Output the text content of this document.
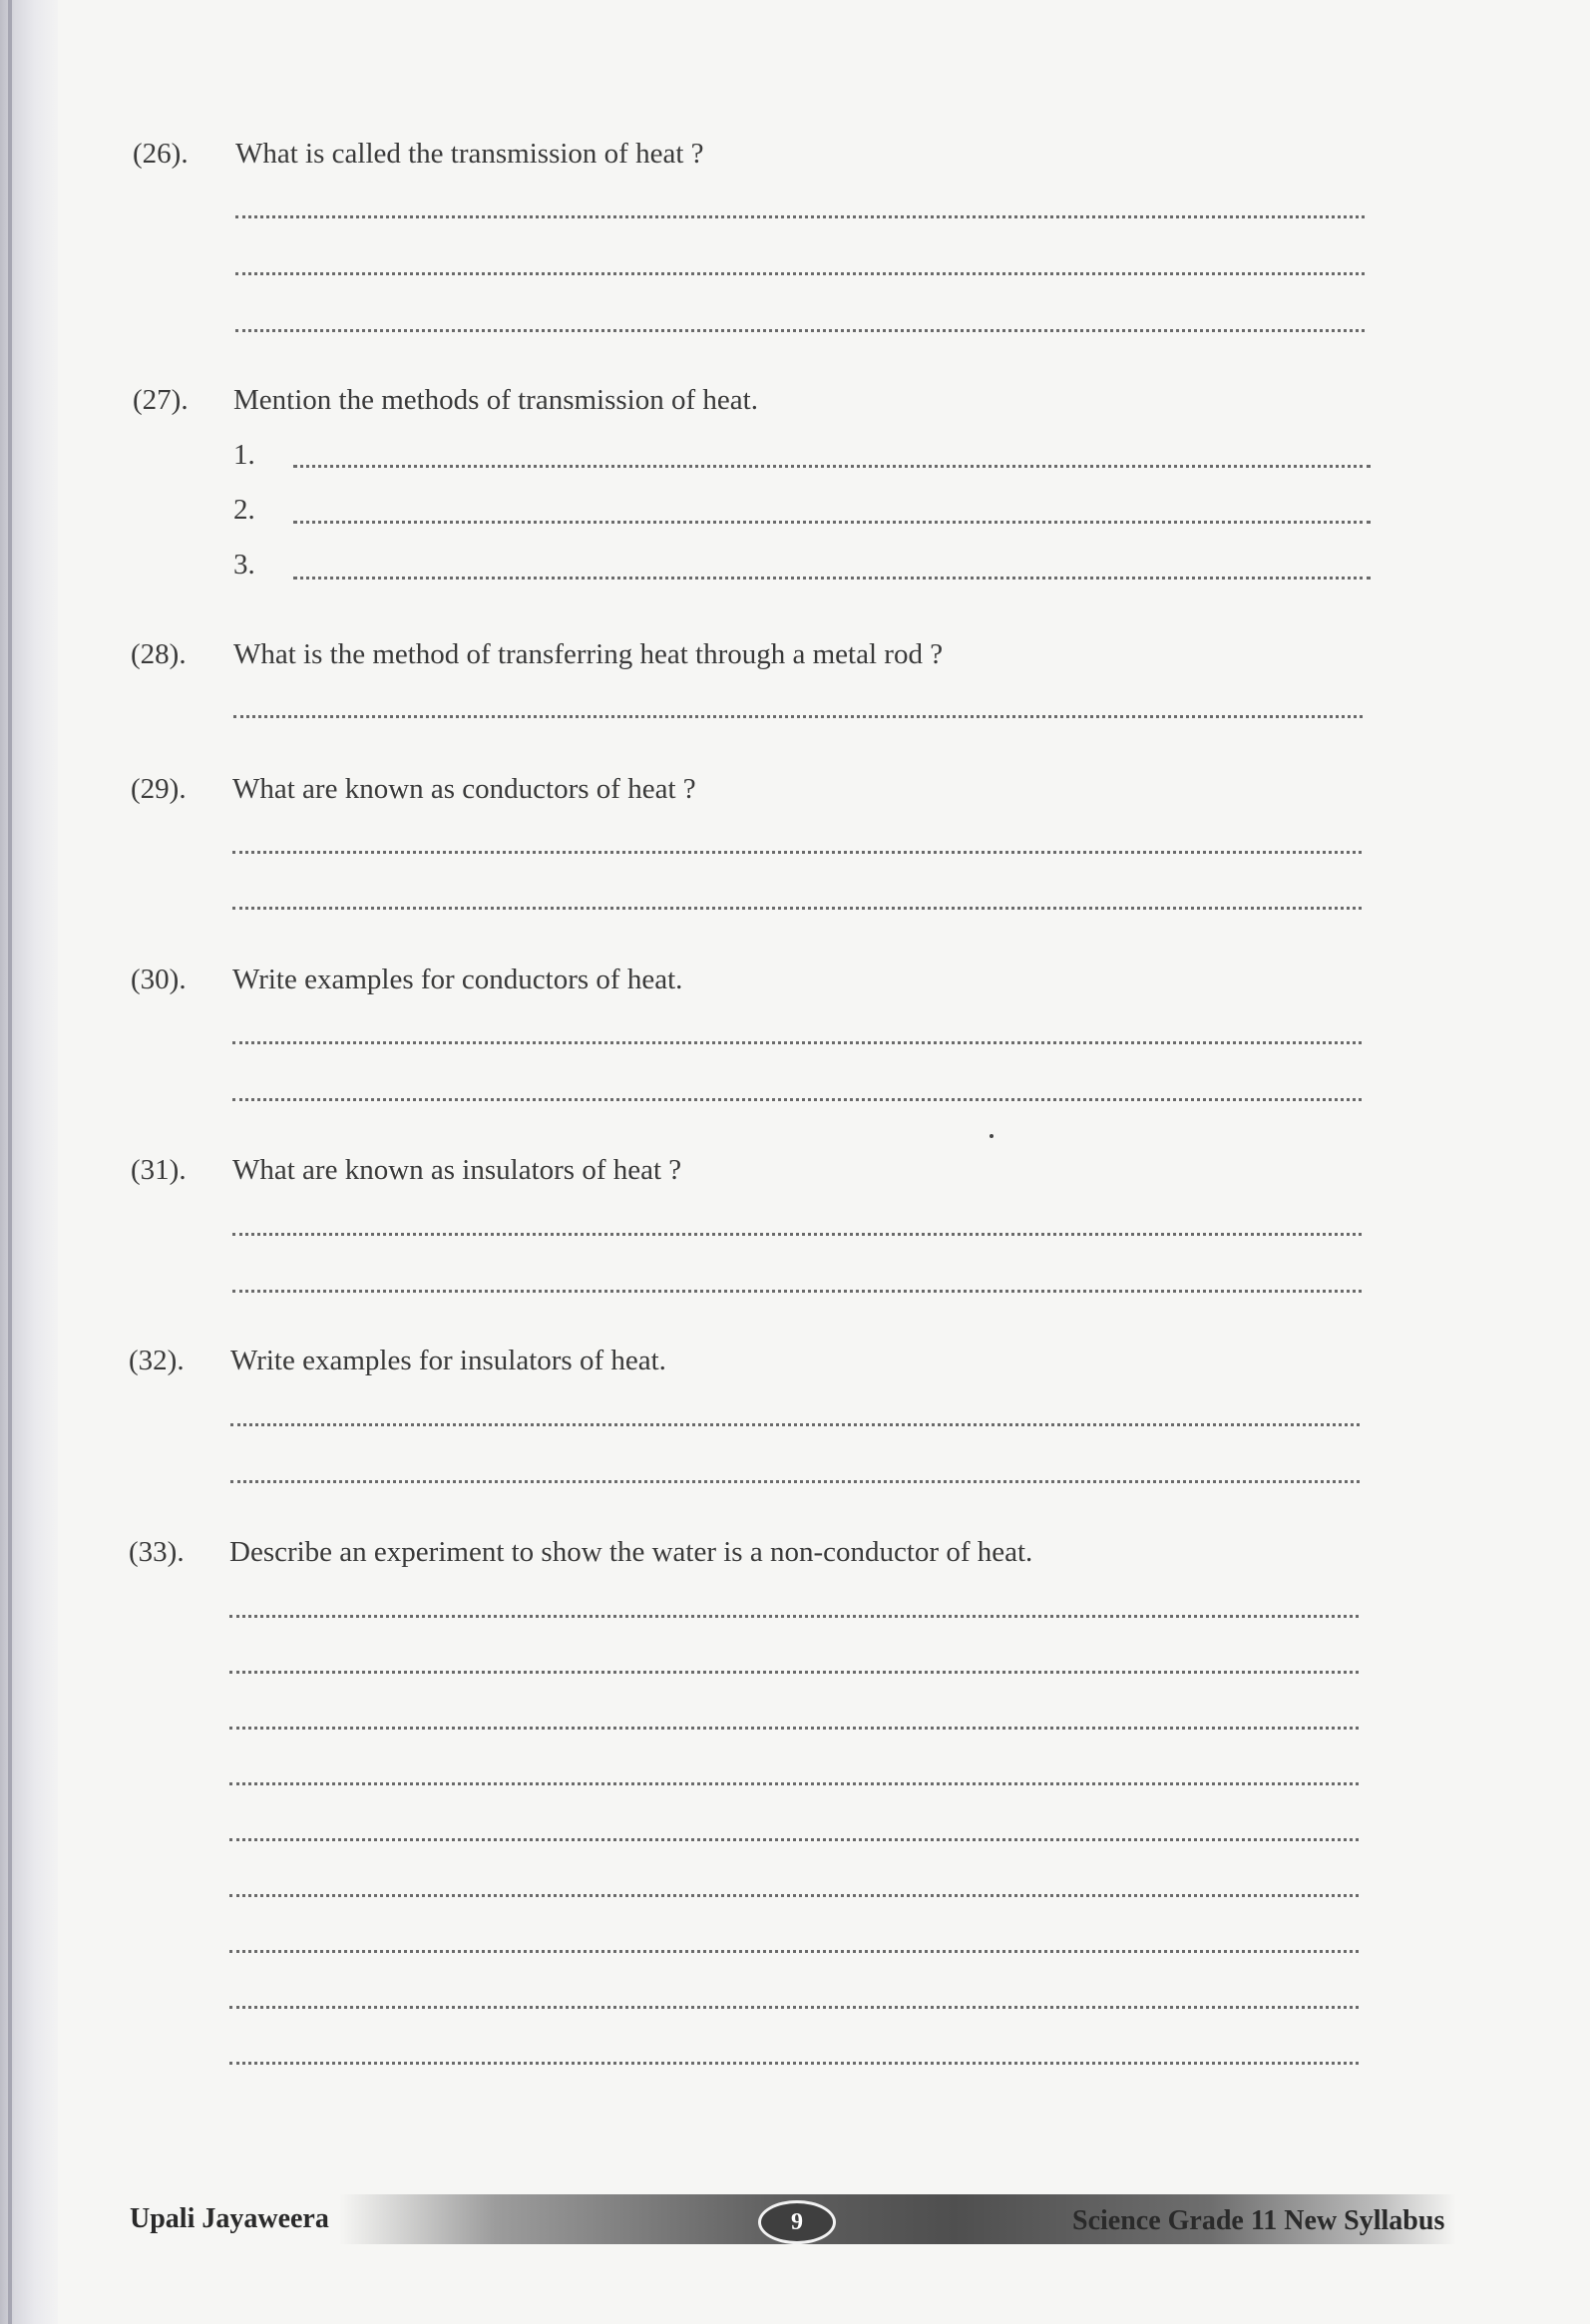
(26). What is called the transmission of heat ?
(27). Mention the methods of transmission of heat.
1.
2.
3.
(28). What is the method of transferring heat through a metal rod ?
(29). What are known as conductors of heat ?
(30). Write examples for conductors of heat.
(31). What are known as insulators of heat ?
(32). Write examples for insulators of heat.
(33). Describe an experiment to show the water is a non-conductor of heat.
Upali Jayaweera	9	Science Grade 11 New Syllabus
